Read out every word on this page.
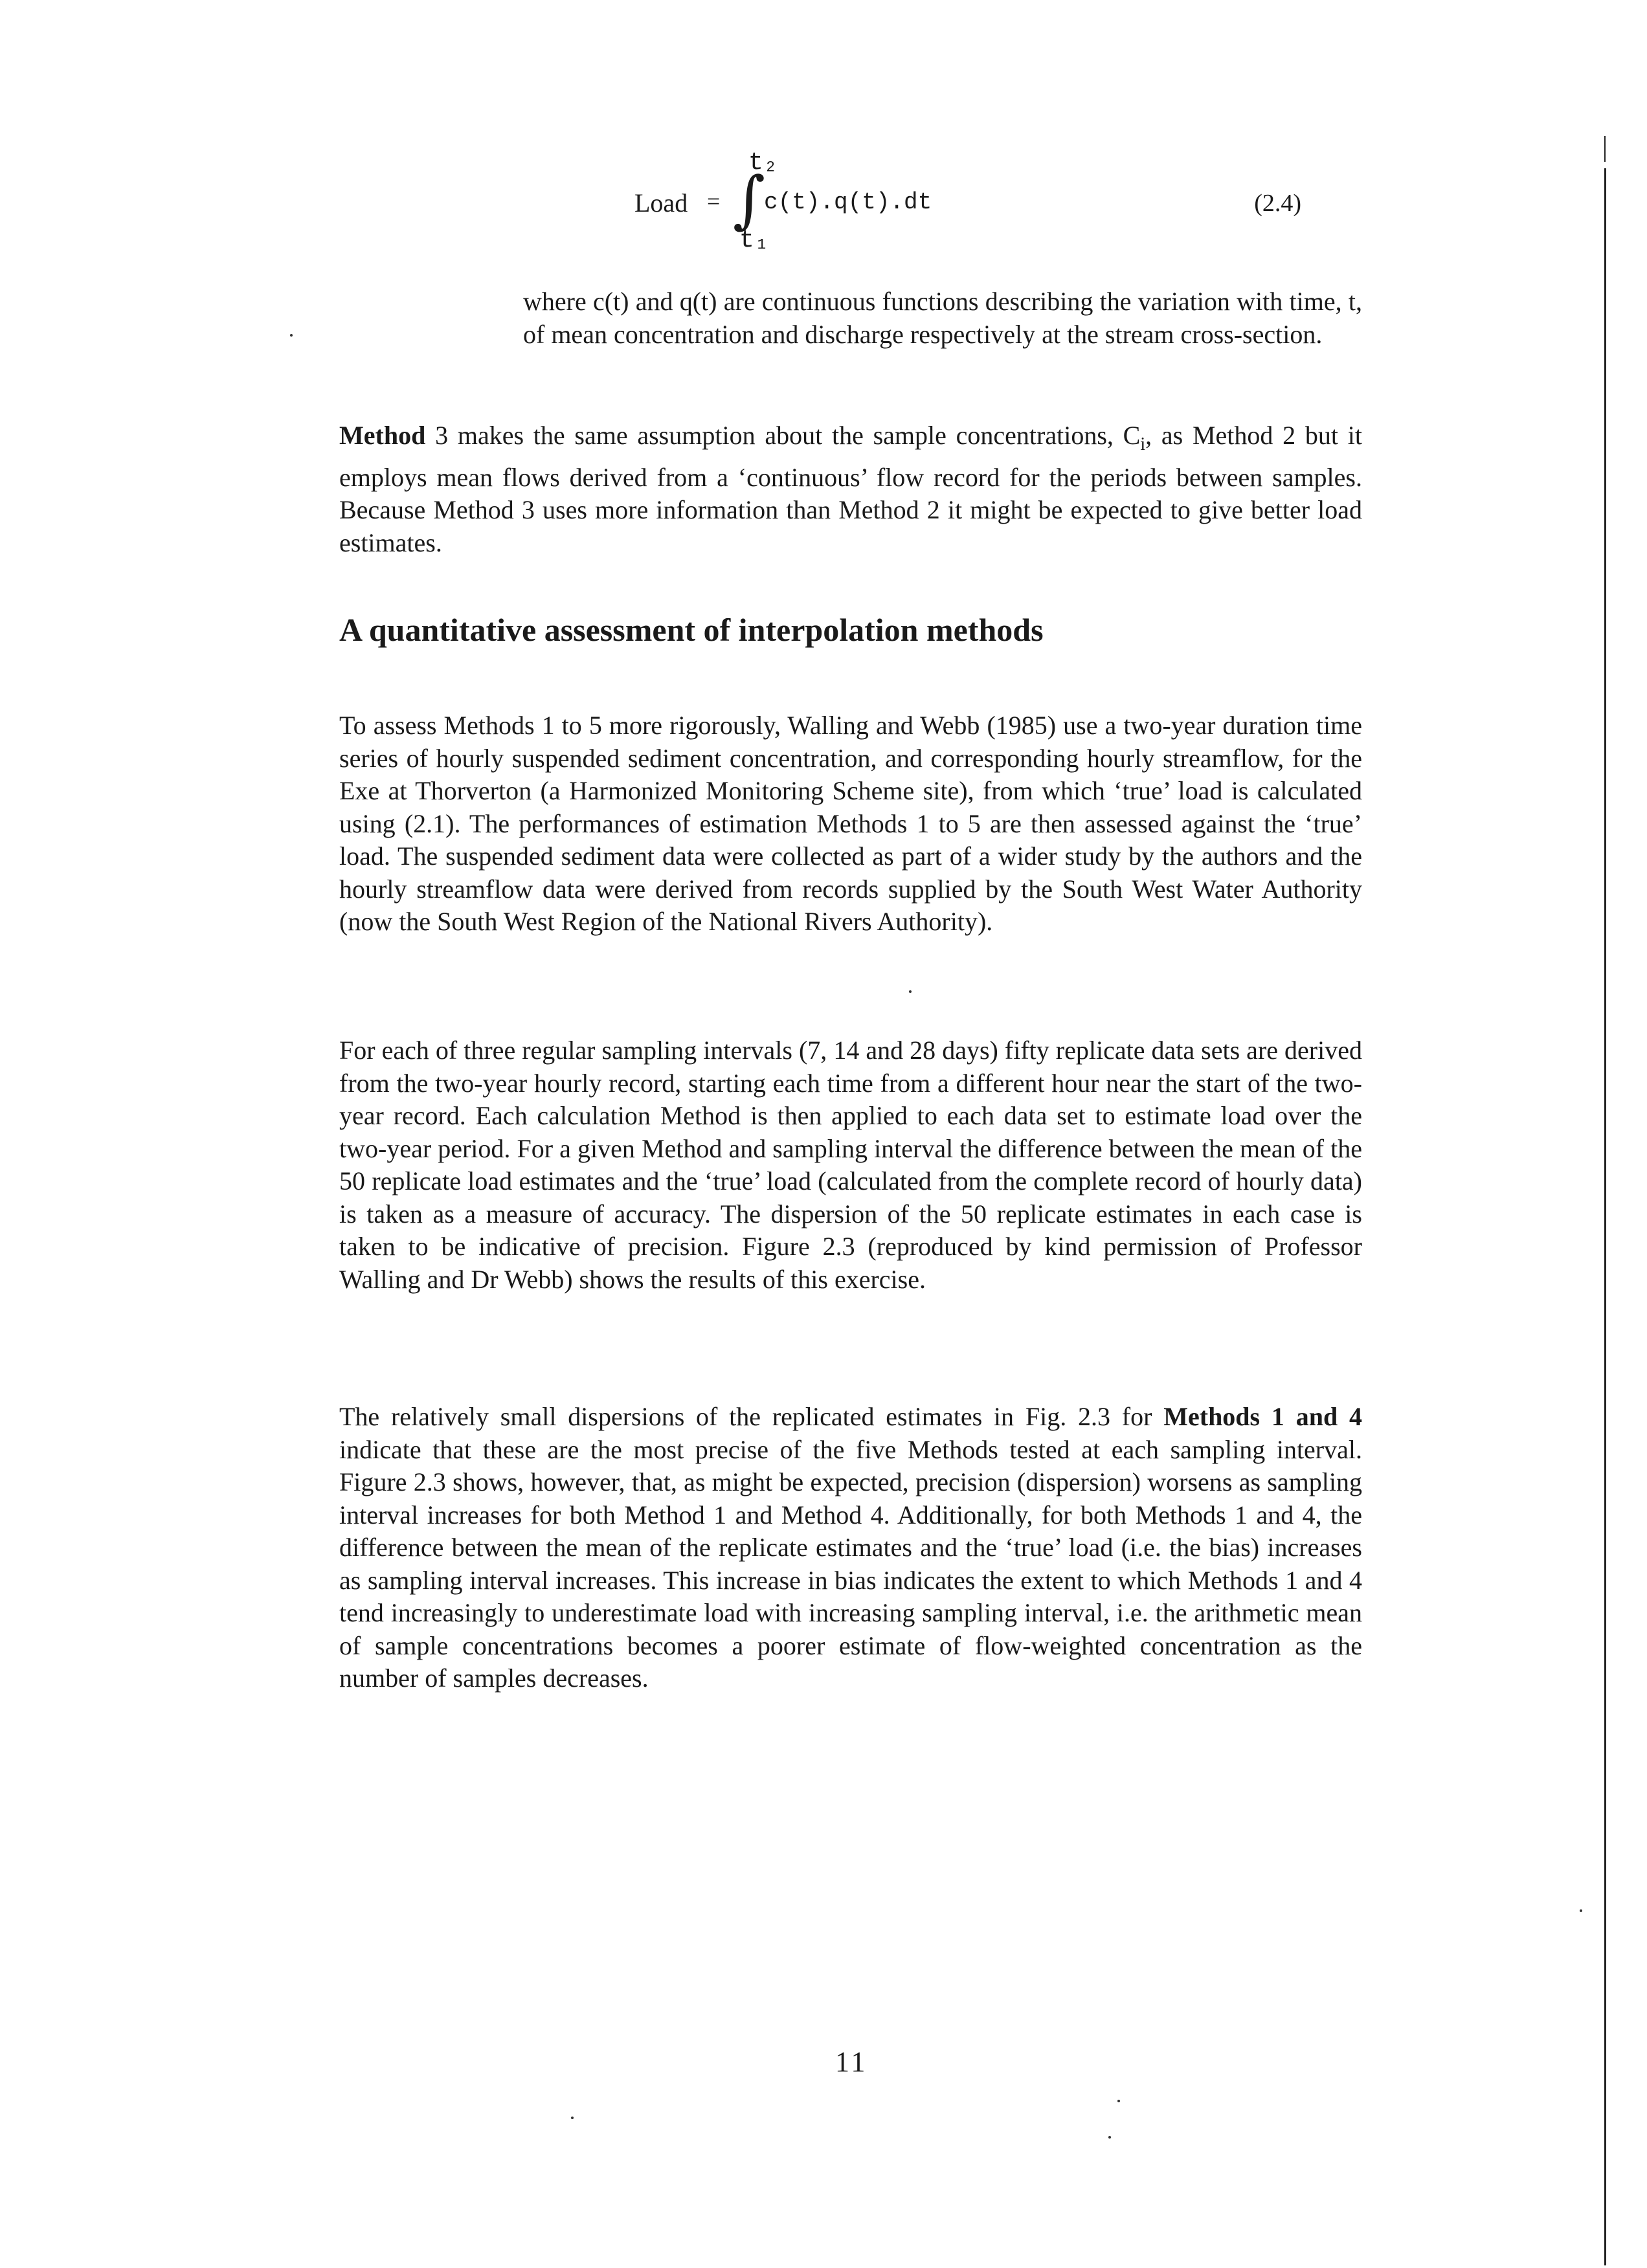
Load = ∫
t₂
t₁
c(t).q(t).dt	(2.4)

where c(t) and q(t) are continuous functions describing the variation with time, t, of mean concentration and discharge respectively at the stream cross-section.

Method 3 makes the same assumption about the sample concentrations, $C_i$, as Method 2 but it employs mean flows derived from a ‘continuous’ flow record for the periods between samples. Because Method 3 uses more information than Method 2 it might be expected to give better load estimates.

A quantitative assessment of interpolation methods

To assess Methods 1 to 5 more rigorously, Walling and Webb (1985) use a two-year duration time series of hourly suspended sediment concentration, and corresponding hourly streamflow, for the Exe at Thorverton (a Harmonized Monitoring Scheme site), from which ‘true’ load is calculated using (2.1). The performances of estimation Methods 1 to 5 are then assessed against the ‘true’ load. The suspended sediment data were collected as part of a wider study by the authors and the hourly streamflow data were derived from records supplied by the South West Water Authority (now the South West Region of the National Rivers Authority).

For each of three regular sampling intervals (7, 14 and 28 days) fifty replicate data sets are derived from the two-year hourly record, starting each time from a different hour near the start of the two-year record. Each calculation Method is then applied to each data set to estimate load over the two-year period. For a given Method and sampling interval the difference between the mean of the 50 replicate load estimates and the ‘true’ load (calculated from the complete record of hourly data) is taken as a measure of accuracy. The dispersion of the 50 replicate estimates in each case is taken to be indicative of precision. Figure 2.3 (reproduced by kind permission of Professor Walling and Dr Webb) shows the results of this exercise.

The relatively small dispersions of the replicated estimates in Fig. 2.3 for Methods 1 and 4 indicate that these are the most precise of the five Methods tested at each sampling interval. Figure 2.3 shows, however, that, as might be expected, precision (dispersion) worsens as sampling interval increases for both Method 1 and Method 4. Additionally, for both Methods 1 and 4, the difference between the mean of the replicate estimates and the ‘true’ load (i.e. the bias) increases as sampling interval increases. This increase in bias indicates the extent to which Methods 1 and 4 tend increasingly to underestimate load with increasing sampling interval, i.e. the arithmetic mean of sample concentrations becomes a poorer estimate of flow-weighted concentration as the number of samples decreases.

11
